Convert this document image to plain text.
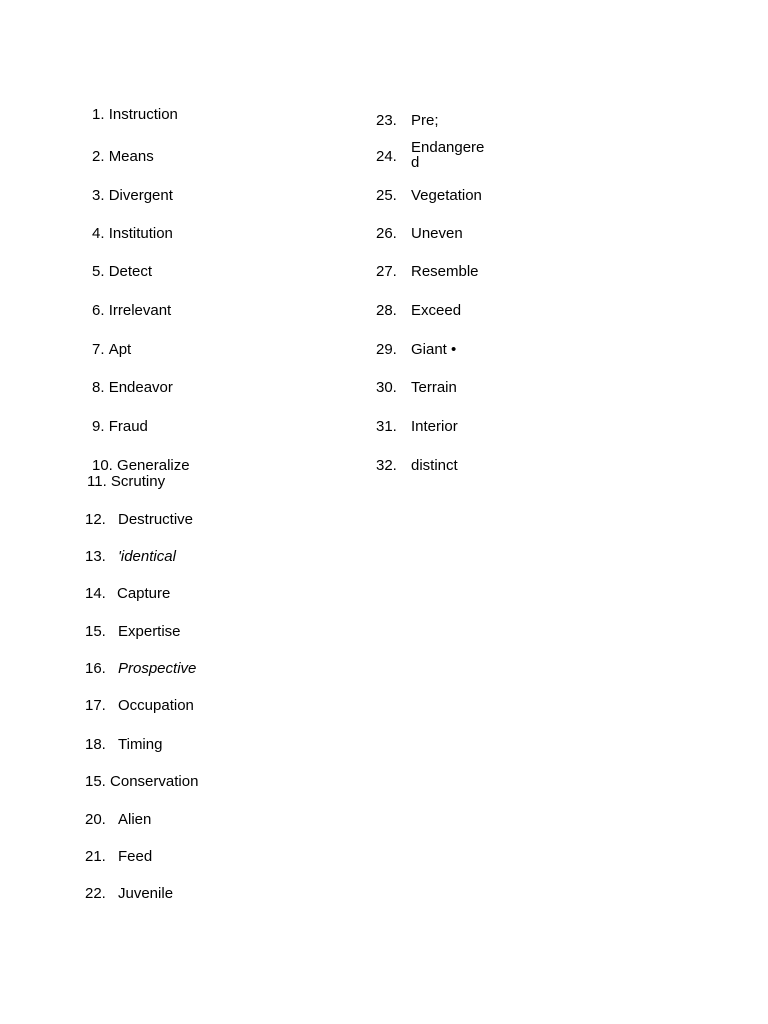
1. Instruction
2. Means
3. Divergent
4. Institution
5. Detect
6. Irrelevant
7. Apt
8. Endeavor
9. Fraud
10. Generalize
11. Scrutiny
12. Destructive
13. 'identical
14. Capture
15. Expertise
16. Prospective
17. Occupation
18. Timing
15. Conservation
20. Alien
21. Feed
22. Juvenile
23. Pre;
24.Endangered
25. Vegetation
26. Uneven
27. Resemble
28. Exceed
29. Giant •
30. Terrain
31. Interior
32. distinct
